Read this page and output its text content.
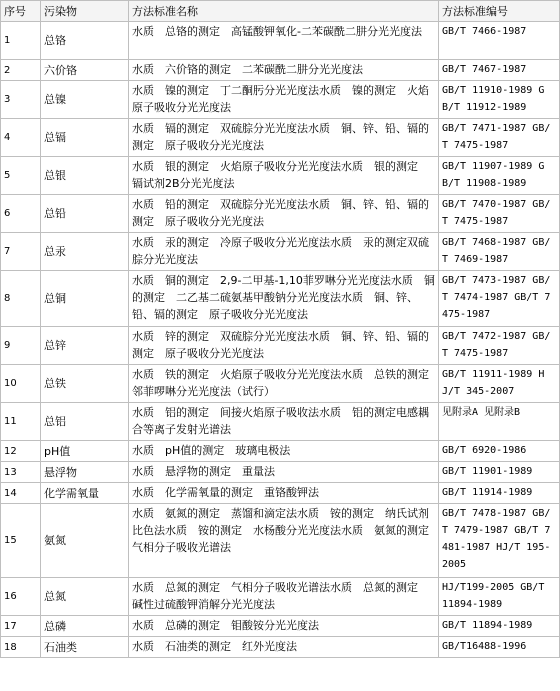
序号	污染物	方法标准名称	方法标准编号
1	总铬	水质　总铬的测定　高锰酸钾氧化-二苯碳酰二肼分光光度法	GB/T 7466-1987
2	六价铬	水质　六价铬的测定　二苯碳酰二肼分光光度法	GB/T 7467-1987
3	总镍	水质　镍的测定　丁二酮肟分光光度法水质　镍的测定　火焰原子吸收分光光度法	GB/T 11910-1989 GB/T 11912-1989
4	总镉	水质　镉的测定　双硫腙分光光度法水质　铜、锌、铅、镉的测定　原子吸收分光光度法	GB/T 7471-1987 GB/T 7475-1987
5	总银	水质　银的测定　火焰原子吸收分光光度法水质　银的测定　镉试剂2B分光光度法	GB/T 11907-1989 GB/T 11908-1989
6	总铅	水质　铅的测定　双硫腙分光光度法水质　铜、锌、铅、镉的测定　原子吸收分光光度法	GB/T 7470-1987 GB/T 7475-1987
7	总汞	水质　汞的测定　冷原子吸收分光光度法水质　汞的测定双硫腙分光光度法	GB/T 7468-1987 GB/T 7469-1987
8	总铜	水质　铜的测定　2,9-二甲基-1,10菲罗啉分光光度法水质　铜的测定　二乙基二硫氨基甲酸钠分光光度法水质　铜、锌、铅、镉的测定　原子吸收分光光度法	GB/T 7473-1987 GB/T 7474-1987 GB/T 7475-1987
9	总锌	水质　锌的测定　双硫腙分光光度法水质　铜、锌、铅、镉的测定　原子吸收分光光度法	GB/T 7472-1987 GB/T 7475-1987
10	总铁	水质　铁的测定　火焰原子吸收分光光度法水质　总铁的测定　邻菲啰啉分光光度法（试行）	GB/T 11911-1989 HJ/T 345-2007
11	总铝	水质　铝的测定　间接火焰原子吸收法水质　铝的测定电感耦合等离子发射光谱法	见附录A 见附录B
12	pH值	水质　pH值的测定　玻璃电极法	GB/T 6920-1986
13	悬浮物	水质　悬浮物的测定　重量法	GB/T 11901-1989
14	化学需氧量	水质　化学需氧量的测定　重铬酸钾法	GB/T 11914-1989
15	氨氮	水质　氨氮的测定　蒸馏和滴定法水质　铵的测定　纳氏试剂比色法水质　铵的测定　水杨酸分光光度法水质　氨氮的测定　气相分子吸收光谱法	GB/T 7478-1987 GB/T 7479-1987 GB/T 7481-1987 HJ/T 195-2005
16	总氮	水质　总氮的测定　气相分子吸收光谱法水质　总氮的测定　碱性过硫酸钾消解分光光度法	HJ/T199-2005 GB/T 11894-1989
17	总磷	水质　总磷的测定　钼酸铵分光光度法	GB/T 11894-1989
18	石油类	水质　石油类的测定　红外光度法	GB/T16488-1996
